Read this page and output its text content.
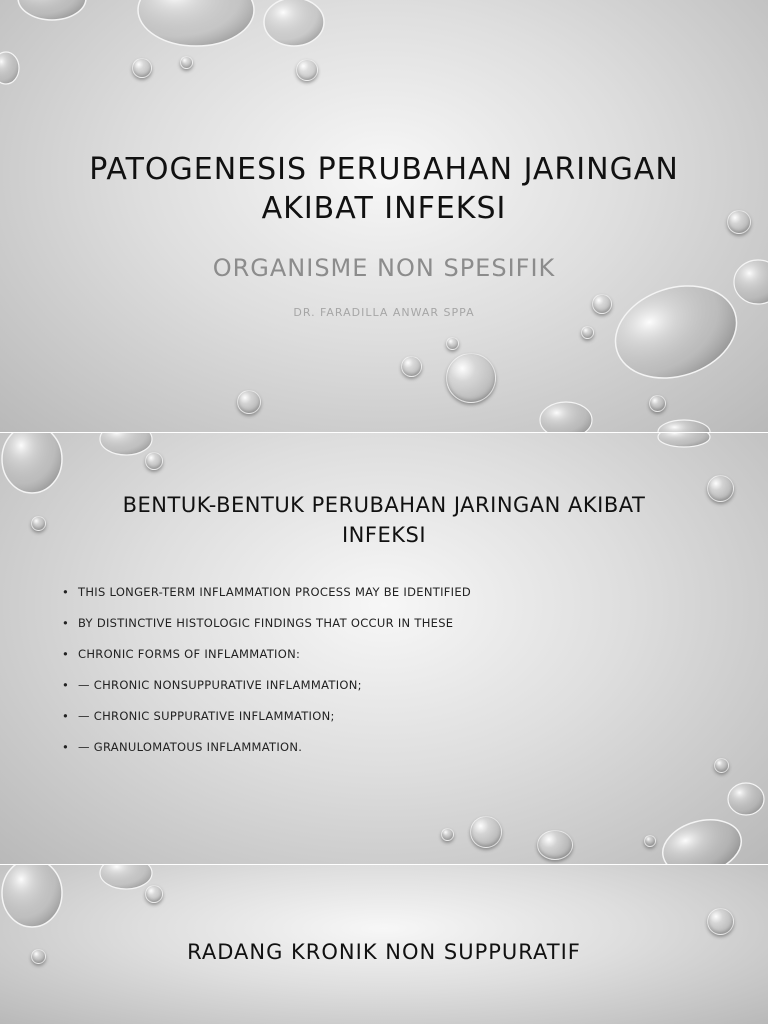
PATOGENESIS PERUBAHAN JARINGAN AKIBAT INFEKSI
ORGANISME NON SPESIFIK
DR. FARADILLA ANWAR SPPA
BENTUK-BENTUK PERUBAHAN JARINGAN AKIBAT INFEKSI
• THIS LONGER-TERM INFLAMMATION PROCESS MAY BE IDENTIFIED
• BY DISTINCTIVE HISTOLOGIC FINDINGS THAT OCCUR IN THESE
• CHRONIC FORMS OF INFLAMMATION:
• — CHRONIC NONSUPPURATIVE INFLAMMATION;
• — CHRONIC SUPPURATIVE INFLAMMATION;
• — GRANULOMATOUS INFLAMMATION.
RADANG KRONIK NON SUPPURATIF
